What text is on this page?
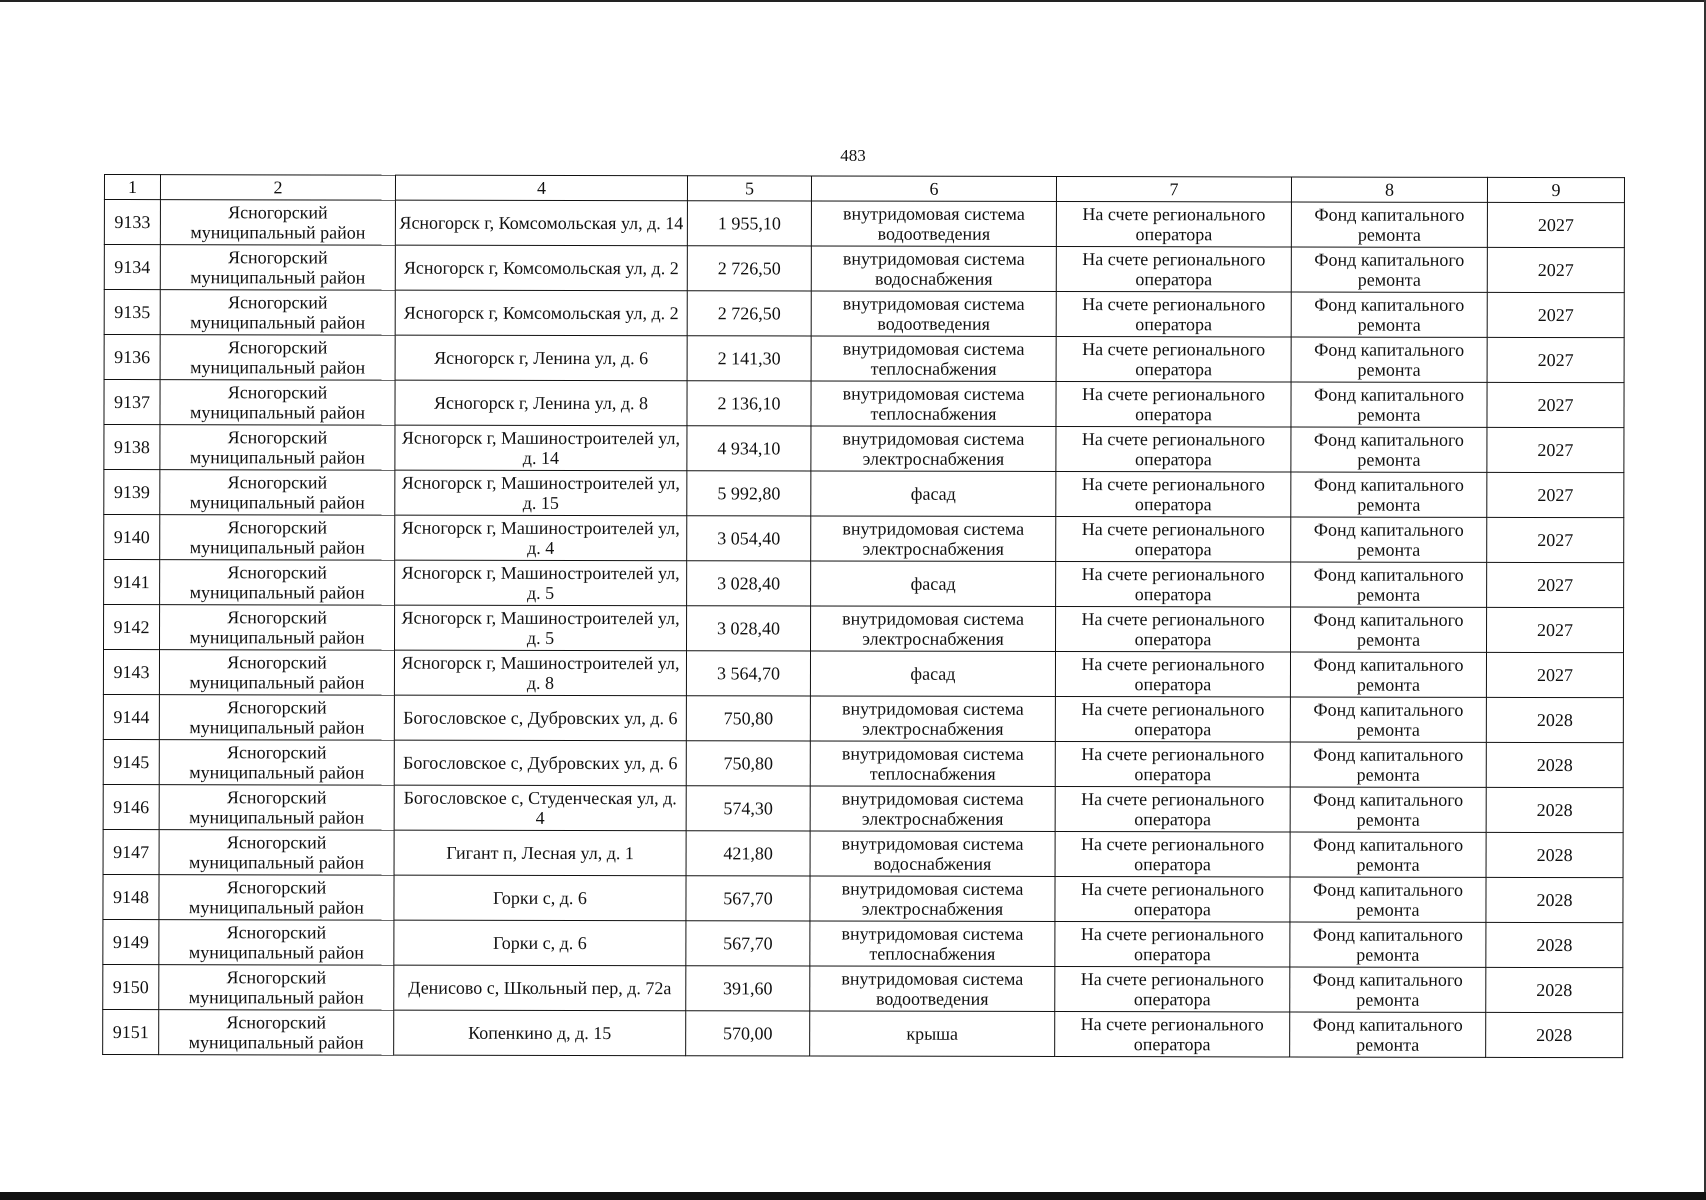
483
1	2	4	5	6	7	8	9
9133	Ясногорский муниципальный район	Ясногорск г, Комсомольская ул, д. 14	1 955,10	внутридомовая система водоотведения	На счете регионального оператора	Фонд капитального ремонта	2027
9134	Ясногорский муниципальный район	Ясногорск г, Комсомольская ул, д. 2	2 726,50	внутридомовая система водоснабжения	На счете регионального оператора	Фонд капитального ремонта	2027
9135	Ясногорский муниципальный район	Ясногорск г, Комсомольская ул, д. 2	2 726,50	внутридомовая система водоотведения	На счете регионального оператора	Фонд капитального ремонта	2027
9136	Ясногорский муниципальный район	Ясногорск г, Ленина ул, д. 6	2 141,30	внутридомовая система теплоснабжения	На счете регионального оператора	Фонд капитального ремонта	2027
9137	Ясногорский муниципальный район	Ясногорск г, Ленина ул, д. 8	2 136,10	внутридомовая система теплоснабжения	На счете регионального оператора	Фонд капитального ремонта	2027
9138	Ясногорский муниципальный район	Ясногорск г, Машиностроителей ул, д. 14	4 934,10	внутридомовая система электроснабжения	На счете регионального оператора	Фонд капитального ремонта	2027
9139	Ясногорский муниципальный район	Ясногорск г, Машиностроителей ул, д. 15	5 992,80	фасад	На счете регионального оператора	Фонд капитального ремонта	2027
9140	Ясногорский муниципальный район	Ясногорск г, Машиностроителей ул, д. 4	3 054,40	внутридомовая система электроснабжения	На счете регионального оператора	Фонд капитального ремонта	2027
9141	Ясногорский муниципальный район	Ясногорск г, Машиностроителей ул, д. 5	3 028,40	фасад	На счете регионального оператора	Фонд капитального ремонта	2027
9142	Ясногорский муниципальный район	Ясногорск г, Машиностроителей ул, д. 5	3 028,40	внутридомовая система электроснабжения	На счете регионального оператора	Фонд капитального ремонта	2027
9143	Ясногорский муниципальный район	Ясногорск г, Машиностроителей ул, д. 8	3 564,70	фасад	На счете регионального оператора	Фонд капитального ремонта	2027
9144	Ясногорский муниципальный район	Богословское с, Дубровских ул, д. 6	750,80	внутридомовая система электроснабжения	На счете регионального оператора	Фонд капитального ремонта	2028
9145	Ясногорский муниципальный район	Богословское с, Дубровских ул, д. 6	750,80	внутридомовая система теплоснабжения	На счете регионального оператора	Фонд капитального ремонта	2028
9146	Ясногорский муниципальный район	Богословское с, Студенческая ул, д. 4	574,30	внутридомовая система электроснабжения	На счете регионального оператора	Фонд капитального ремонта	2028
9147	Ясногорский муниципальный район	Гигант п, Лесная ул, д. 1	421,80	внутридомовая система водоснабжения	На счете регионального оператора	Фонд капитального ремонта	2028
9148	Ясногорский муниципальный район	Горки с, д. 6	567,70	внутридомовая система электроснабжения	На счете регионального оператора	Фонд капитального ремонта	2028
9149	Ясногорский муниципальный район	Горки с, д. 6	567,70	внутридомовая система теплоснабжения	На счете регионального оператора	Фонд капитального ремонта	2028
9150	Ясногорский муниципальный район	Денисово с, Школьный пер, д. 72а	391,60	внутридомовая система водоотведения	На счете регионального оператора	Фонд капитального ремонта	2028
9151	Ясногорский муниципальный район	Копенкино д, д. 15	570,00	крыша	На счете регионального оператора	Фонд капитального ремонта	2028
